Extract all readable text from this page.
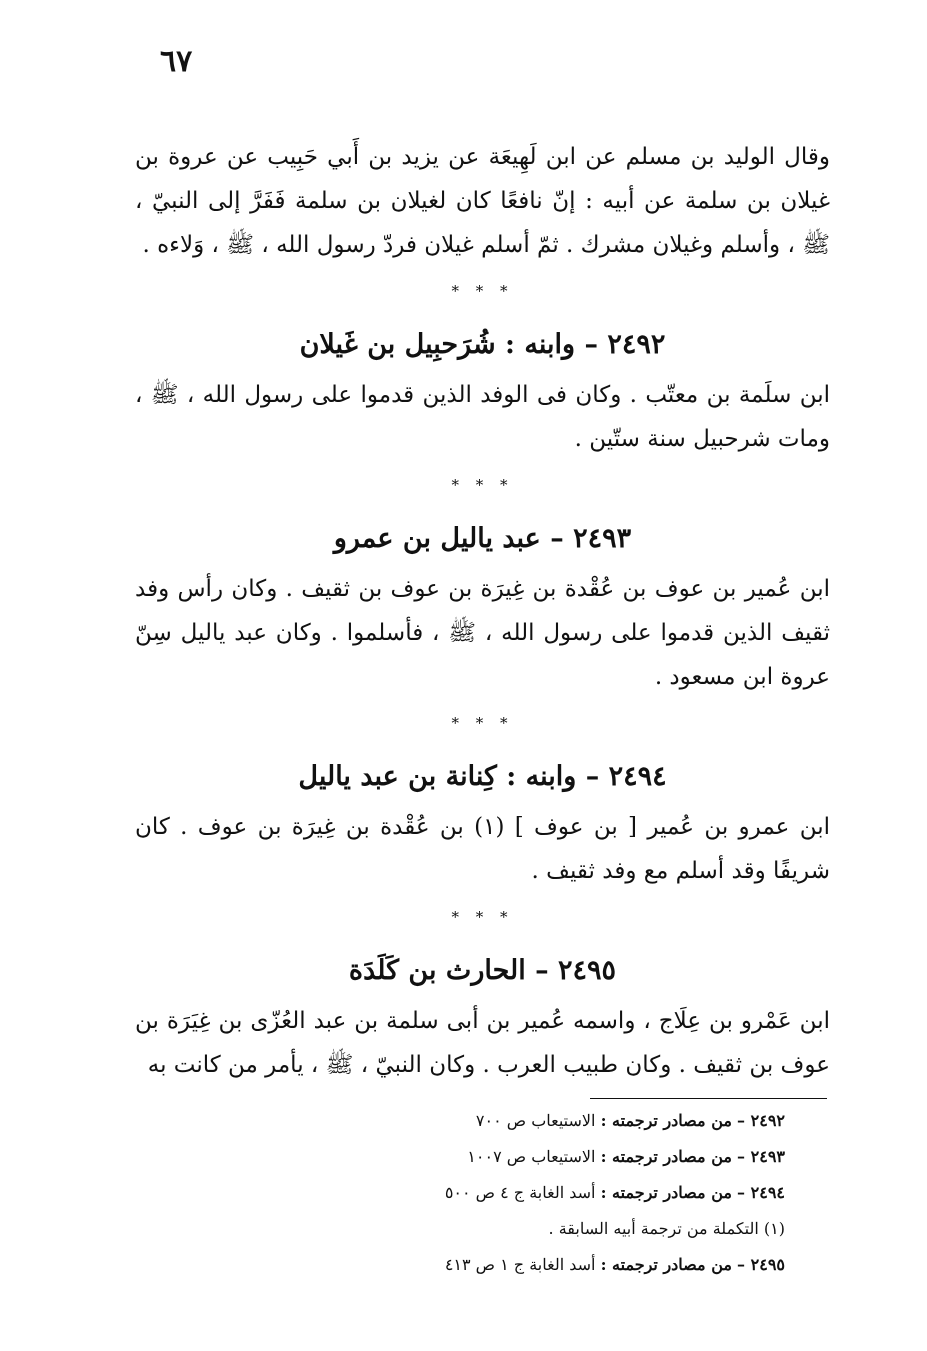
٦٧

وقال الوليد بن مسلم عن ابن لَهِيعَة عن يزيد بن أَبي حَبِيب عن عروة بن غيلان بن سلمة عن أبيه : إنّ نافعًا كان لغيلان بن سلمة فَفَرَّ إلى النبيّ ، ﷺ ، وأسلم وغيلان مشرك . ثمّ أسلم غيلان فردّ رسول الله ، ﷺ ، وَلاءه .

* * *
٢٤٩٢ – وابنه : شُرَحبِيل بن غَيلان

ابن سلَمة بن معتّب . وكان فى الوفد الذين قدموا على رسول الله ، ﷺ ، ومات شرحبيل سنة ستّين .

* * *
٢٤٩٣ – عبد ياليل بن عمرو

ابن عُمير بن عوف بن عُقْدة بن غِيرَة بن عوف بن ثقيف . وكان رأس وفد ثقيف الذين قدموا على رسول الله ، ﷺ ، فأسلموا . وكان عبد ياليل سِنّ عروة ابن مسعود .

* * *
٢٤٩٤ – وابنه : كِنانة بن عبد ياليل

ابن عمرو بن عُمير [ بن عوف ] (١) بن عُقْدة بن غِيرَة بن عوف . كان شريفًا وقد أسلم مع وفد ثقيف .

* * *
٢٤٩٥ – الحارث بن كَلَدَة

ابن عَمْرو بن عِلَاج ، واسمه عُمير بن أبى سلمة بن عبد العُزّى بن غِيَرَة بن عوف بن ثقيف . وكان طبيب العرب . وكان النبيّ ، ﷺ ، يأمر من كانت به

٢٤٩٢ – من مصادر ترجمته : الاستيعاب ص ٧٠٠

٢٤٩٣ – من مصادر ترجمته : الاستيعاب ص ١٠٠٧

٢٤٩٤ – من مصادر ترجمته : أسد الغابة ج ٤ ص ٥٠٠

(١) التكملة من ترجمة أبيه السابقة .

٢٤٩٥ – من مصادر ترجمته : أسد الغابة ج ١ ص ٤١٣
